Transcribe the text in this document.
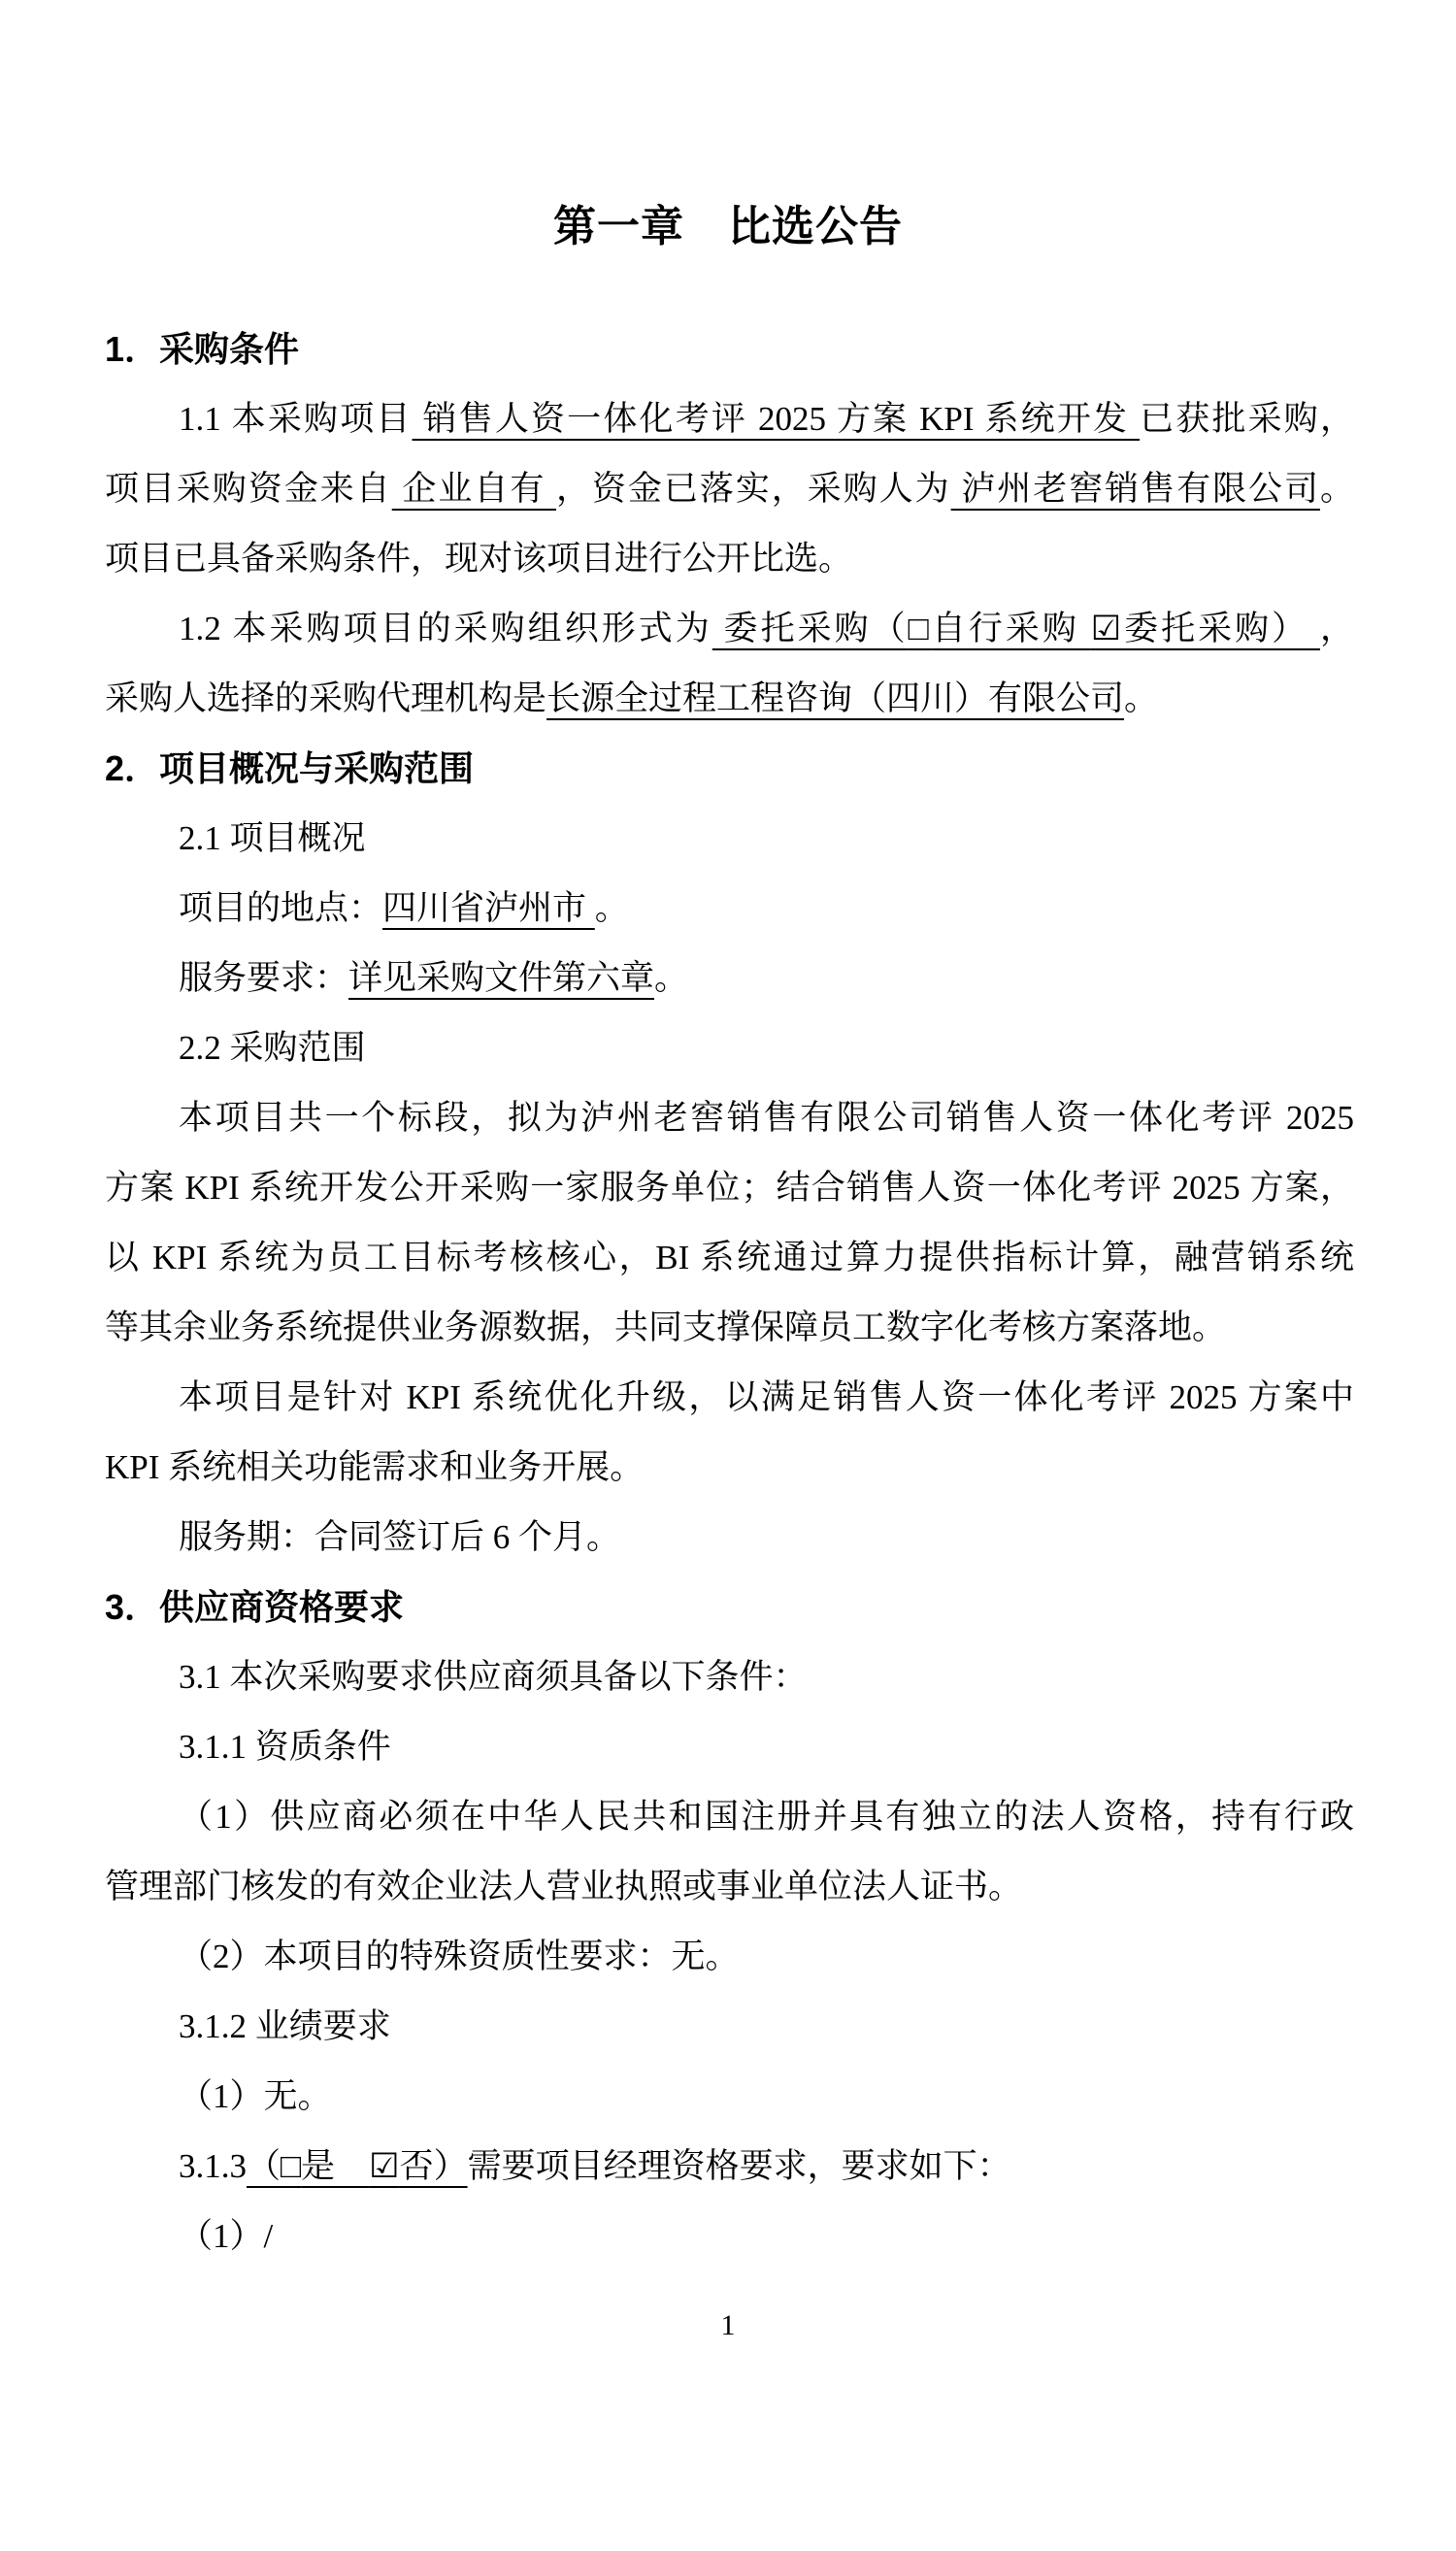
第一章　比选公告
1．采购条件
1.1 本采购项目 销售人资一体化考评 2025 方案 KPI 系统开发 已获批采购，
项目采购资金来自 企业自有 ，资金已落实，采购人为 泸州老窖销售有限公司。
项目已具备采购条件，现对该项目进行公开比选。
1.2 本采购项目的采购组织形式为 委托采购（□自行采购 ☑委托采购） ，
采购人选择的采购代理机构是长源全过程工程咨询（四川）有限公司。
2．项目概况与采购范围
2.1 项目概况
项目的地点：四川省泸州市 。
服务要求：详见采购文件第六章。
2.2 采购范围
本项目共一个标段，拟为泸州老窖销售有限公司销售人资一体化考评 2025
方案 KPI 系统开发公开采购一家服务单位；结合销售人资一体化考评 2025 方案，
以 KPI 系统为员工目标考核核心，BI 系统通过算力提供指标计算，融营销系统
等其余业务系统提供业务源数据，共同支撑保障员工数字化考核方案落地。
本项目是针对 KPI 系统优化升级，以满足销售人资一体化考评 2025 方案中
KPI 系统相关功能需求和业务开展。
服务期：合同签订后 6 个月。
3．供应商资格要求
3.1 本次采购要求供应商须具备以下条件：
3.1.1 资质条件
（1）供应商必须在中华人民共和国注册并具有独立的法人资格，持有行政
管理部门核发的有效企业法人营业执照或事业单位法人证书。
（2）本项目的特殊资质性要求：无。
3.1.2 业绩要求
（1）无。
3.1.3（□是　☑否）需要项目经理资格要求，要求如下：
（1）/
1
